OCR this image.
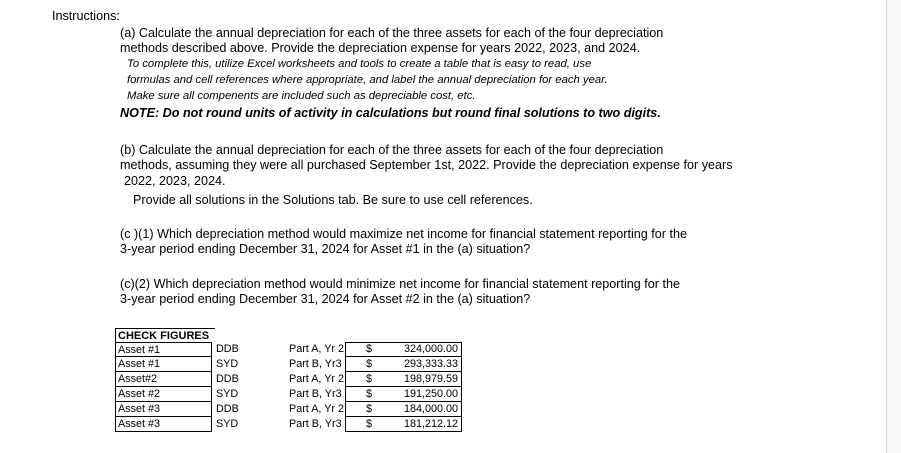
Instructions:
(a) Calculate the annual depreciation for each of the three assets for each of the four depreciation
methods described above. Provide the depreciation expense for years 2022, 2023, and 2024.
To complete this, utilize Excel worksheets and tools to create a table that is easy to read, use
formulas and cell references where appropriate, and label the annual depreciation for each year.
Make sure all compenents are included such as depreciable cost, etc.
NOTE: Do not round units of activity in calculations but round final solutions to two digits.
(b) Calculate the annual depreciation for each of the three assets for each of the four depreciation
methods, assuming they were all purchased September 1st, 2022. Provide the depreciation expense for years
2022, 2023, 2024.
Provide all solutions in the Solutions tab. Be sure to use cell references.
(c )(1) Which depreciation method would maximize net income for financial statement reporting for the
3-year period ending December 31, 2024 for Asset #1 in the (a) situation?
(c)(2) Which depreciation method would minimize net income for financial statement reporting for the
3-year period ending December 31, 2024 for Asset #2 in the (a) situation?
CHECK FIGURES
Asset #1	DDB	Part A, Yr 2	$	324,000.00
Asset #1	SYD	Part B, Yr3	$	293,333.33
Asset#2	DDB	Part A, Yr 2	$	198,979.59
Asset #2	SYD	Part B, Yr3	$	191,250.00
Asset #3	DDB	Part A, Yr 2	$	184,000.00
Asset #3	SYD	Part B, Yr3	$	181,212.12
